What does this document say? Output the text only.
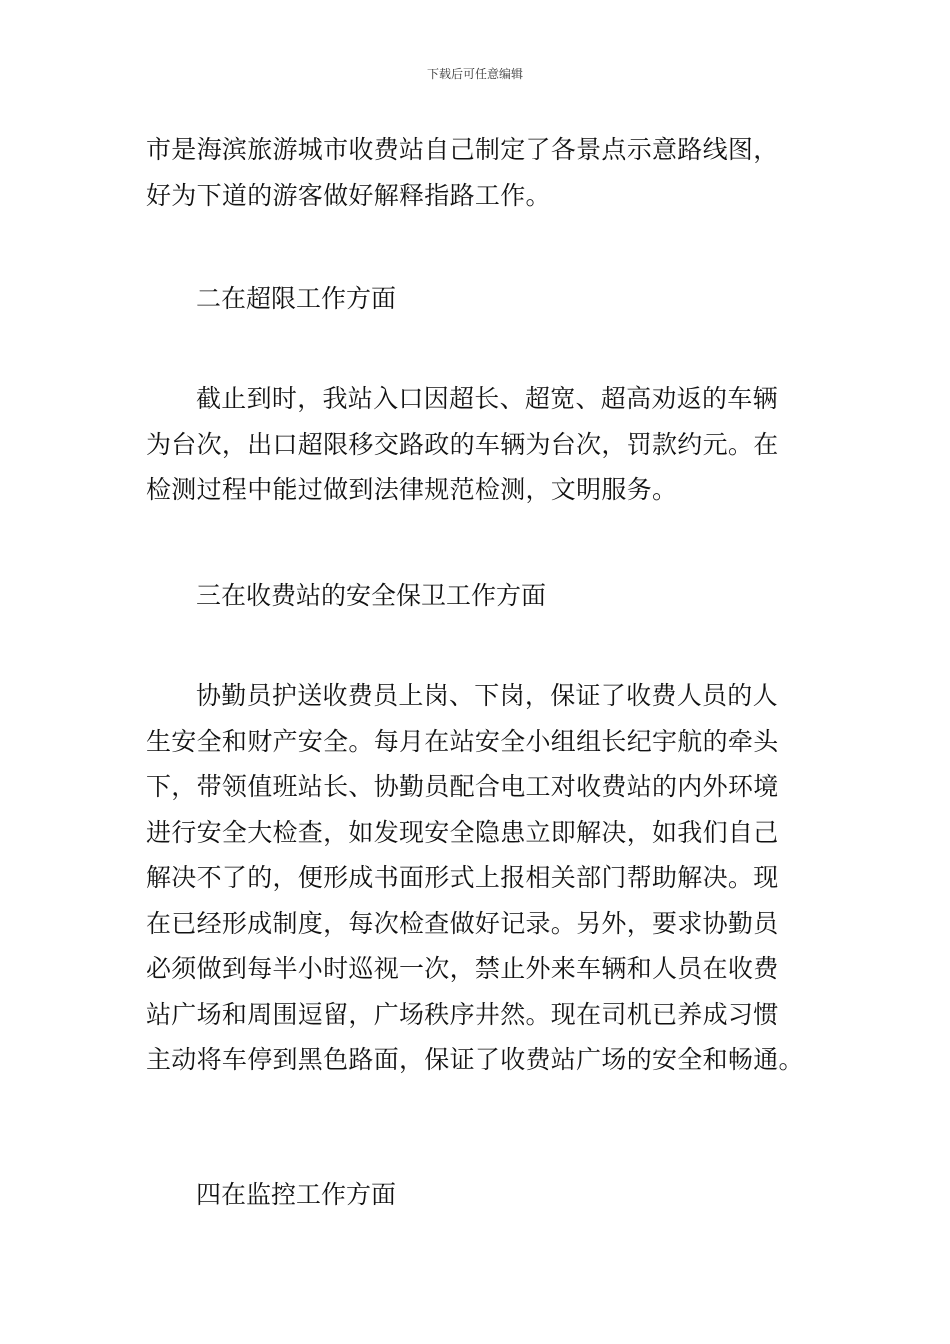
下载后可任意编辑
市是海滨旅游城市收费站自己制定了各景点示意路线图，
好为下道的游客做好解释指路工作。
二在超限工作方面
截止到时，我站入口因超长、超宽、超高劝返的车辆
为台次，出口超限移交路政的车辆为台次，罚款约元。在
检测过程中能过做到法律规范检测，文明服务。
三在收费站的安全保卫工作方面
协勤员护送收费员上岗、下岗，保证了收费人员的人
生安全和财产安全。每月在站安全小组组长纪宇航的牵头
下，带领值班站长、协勤员配合电工对收费站的内外环境
进行安全大检查，如发现安全隐患立即解决，如我们自己
解决不了的，便形成书面形式上报相关部门帮助解决。现
在已经形成制度，每次检查做好记录。另外，要求协勤员
必须做到每半小时巡视一次，禁止外来车辆和人员在收费
站广场和周围逗留，广场秩序井然。现在司机已养成习惯
主动将车停到黑色路面，保证了收费站广场的安全和畅通。
四在监控工作方面
